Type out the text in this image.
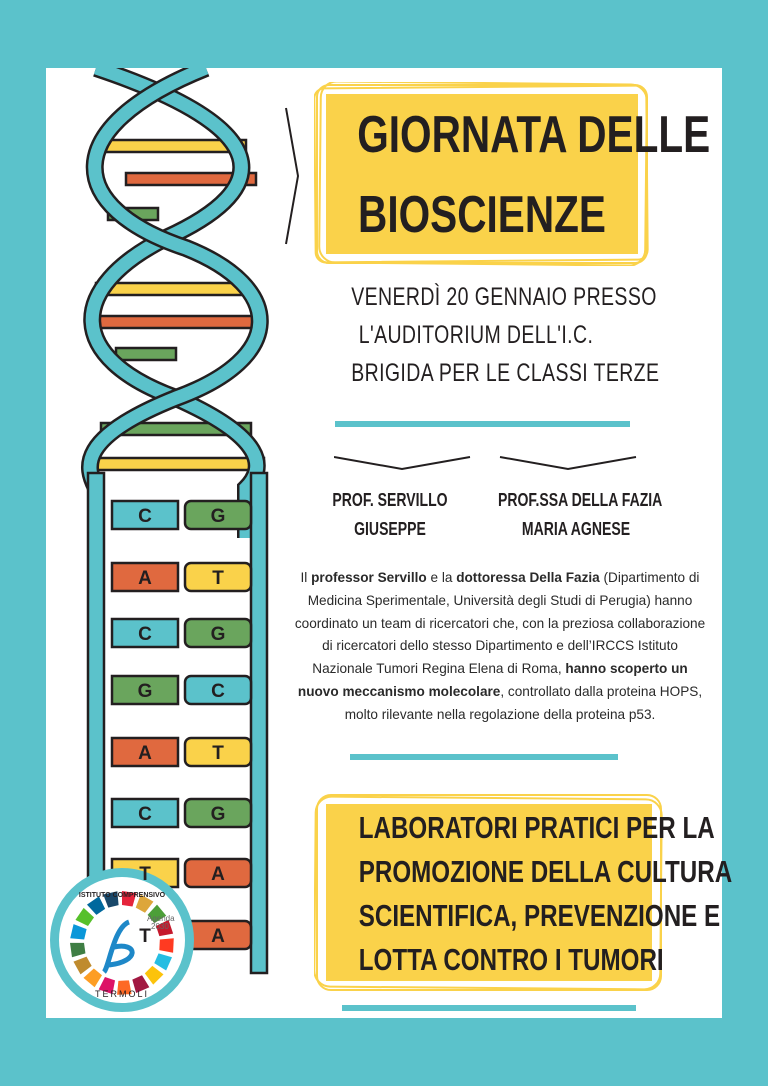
GIORNATA DELLE
BIOSCIENZE
VENERDÌ 20 GENNAIO PRESSO
L'AUDITORIUM DELL'I.C.
BRIGIDA PER LE CLASSI TERZE
PROF. SERVILLO
GIUSEPPE
PROF.SSA DELLA FAZIA
MARIA AGNESE

Il professor Servillo e la dottoressa Della Fazia (Dipartimento di Medicina Sperimentale, Università degli Studi di Perugia) hanno coordinato un team di ricercatori che, con la preziosa collaborazione di ricercatori dello stesso Dipartimento e dell’IRCCS Istituto Nazionale Tumori Regina Elena di Roma, hanno scoperto un nuovo meccanismo molecolare, controllato dalla proteina HOPS, molto rilevante nella regolazione della proteina p53.

LABORATORI PRATICI PER LA
PROMOZIONE DELLA CULTURA
SCIENTIFICA, PREVENZIONE E
LOTTA CONTRO I TUMORI
Agenda
2030
TERMOLI
ISTITUTO COMPRENSIVO
C	G
A	T
C	G
G	C
A	T
C	G
T	A
T	A
